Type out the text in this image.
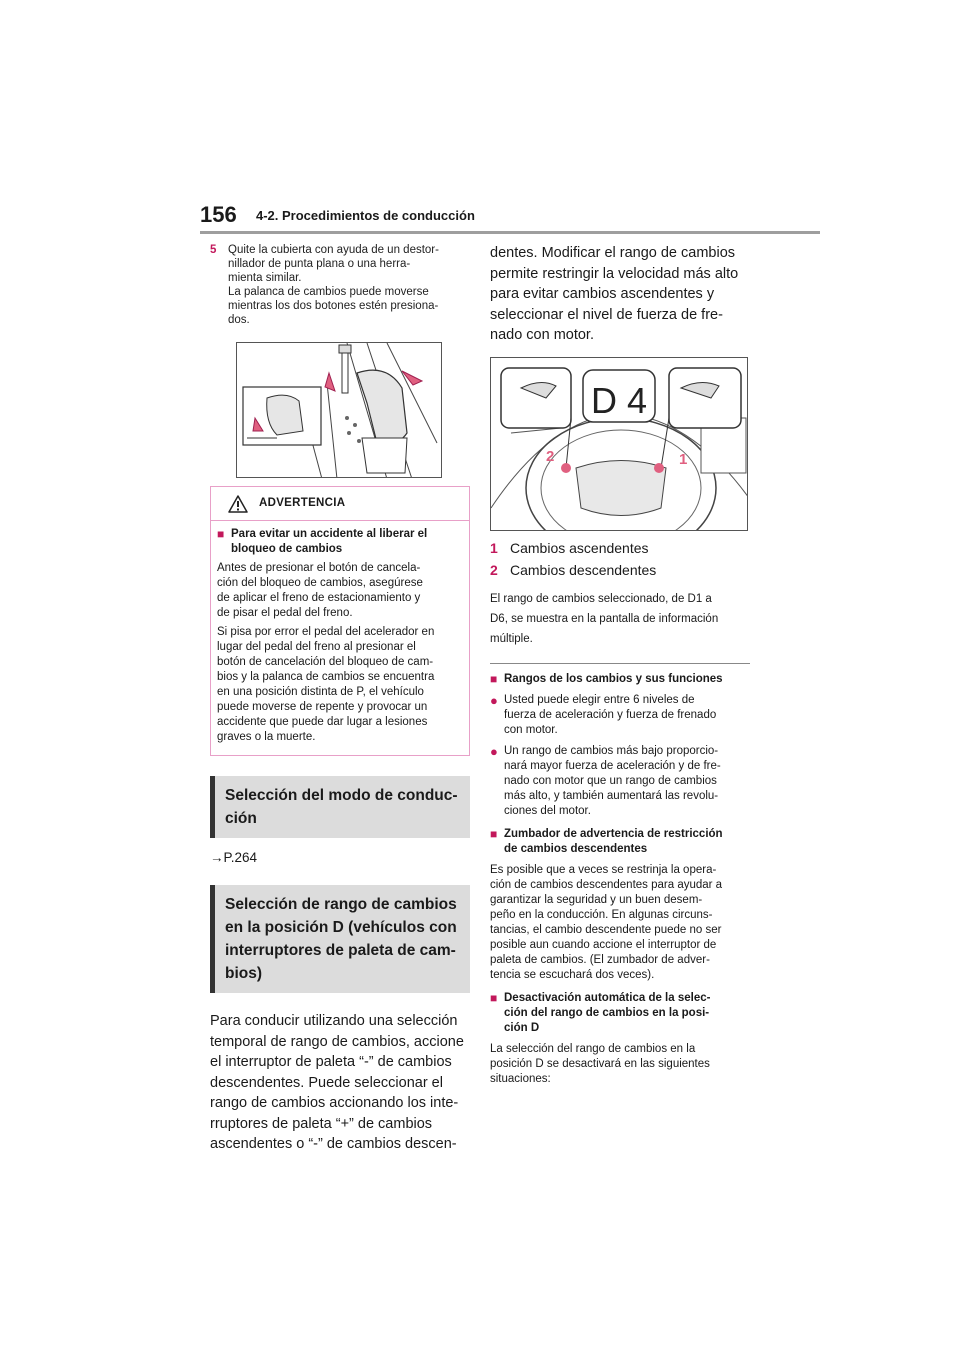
156 4-2. Procedimientos de conducción
5	Quite la cubierta con ayuda de un destor-
nillador de punta plana o una herra-
mienta similar.
La palanca de cambios puede moverse
mientras los dos botones estén presiona-
dos.
ADVERTENCIA
■ Para evitar un accidente al liberar el
bloqueo de cambios
Antes de presionar el botón de cancela-
ción del bloqueo de cambios, asegúrese
de aplicar el freno de estacionamiento y
de pisar el pedal del freno.
Si pisa por error el pedal del acelerador en
lugar del pedal del freno al presionar el
botón de cancelación del bloqueo de cam-
bios y la palanca de cambios se encuentra
en una posición distinta de P, el vehículo
puede moverse de repente y provocar un
accidente que puede dar lugar a lesiones
graves o la muerte.
Selección del modo de conduc-
ción
→P.264
Selección de rango de cambios
en la posición D (vehículos con
interruptores de paleta de cam-
bios)
Para conducir utilizando una selección
temporal de rango de cambios, accione
el interruptor de paleta “-” de cambios
descendentes. Puede seleccionar el
rango de cambios accionando los inte-
rruptores de paleta “+” de cambios
ascendentes o “-” de cambios descen-
dentes. Modificar el rango de cambios
permite restringir la velocidad más alto
para evitar cambios ascendentes y
seleccionar el nivel de fuerza de fre-
nado con motor.
D 4
2	1
1 Cambios ascendentes
2 Cambios descendentes
El rango de cambios seleccionado, de D1 a
D6, se muestra en la pantalla de información
múltiple.
■ Rangos de los cambios y sus funciones
● Usted puede elegir entre 6 niveles de
fuerza de aceleración y fuerza de frenado
con motor.
● Un rango de cambios más bajo proporcio-
nará mayor fuerza de aceleración y de fre-
nado con motor que un rango de cambios
más alto, y también aumentará las revolu-
ciones del motor.
■ Zumbador de advertencia de restricción
de cambios descendentes
Es posible que a veces se restrinja la opera-
ción de cambios descendentes para ayudar a
garantizar la seguridad y un buen desem-
peño en la conducción. En algunas circuns-
tancias, el cambio descendente puede no ser
posible aun cuando accione el interruptor de
paleta de cambios. (El zumbador de adver-
tencia se escuchará dos veces).
■ Desactivación automática de la selec-
ción del rango de cambios en la posi-
ción D
La selección del rango de cambios en la
posición D se desactivará en las siguientes
situaciones:
